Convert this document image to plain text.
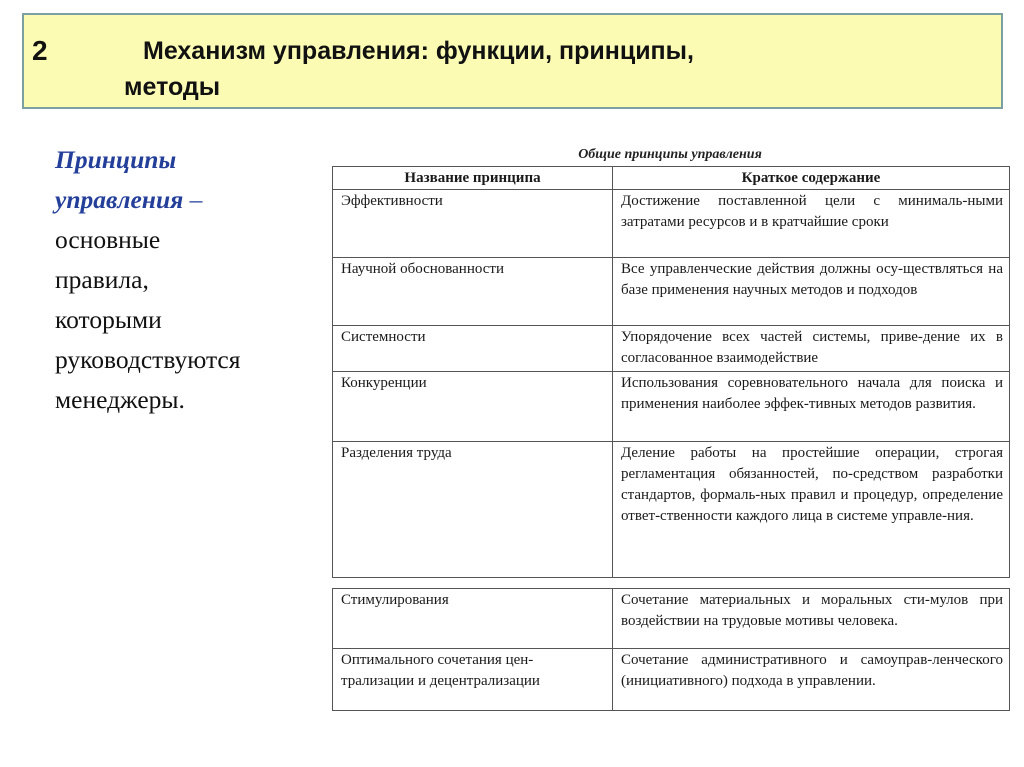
2	Механизм управления: функции, принципы,
методы
Принципы
управления –
основные
правила,
которыми
руководствуются
менеджеры.
Общие принципы управления
Название принципа	Краткое содержание
Эффективности	Достижение поставленной цели с минималь-ными затратами ресурсов и в кратчайшие сроки
Научной обоснованности	Все управленческие действия должны осу-ществляться на базе применения научных методов и подходов
Системности	Упорядочение всех частей системы, приве-дение их в согласованное взаимодействие
Конкуренции	Использования соревновательного начала для поиска и применения наиболее эффек-тивных методов развития.
Разделения труда	Деление работы на простейшие операции, строгая регламентация обязанностей, по-средством разработки стандартов, формаль-ных правил и процедур, определение ответ-ственности каждого лица в системе управле-ния.
Стимулирования	Сочетание материальных и моральных сти-мулов при воздействии на трудовые мотивы человека.
Оптимального сочетания цен-трализации и децентрализации	Сочетание административного и самоуправ-ленческого (инициативного) подхода в управлении.
